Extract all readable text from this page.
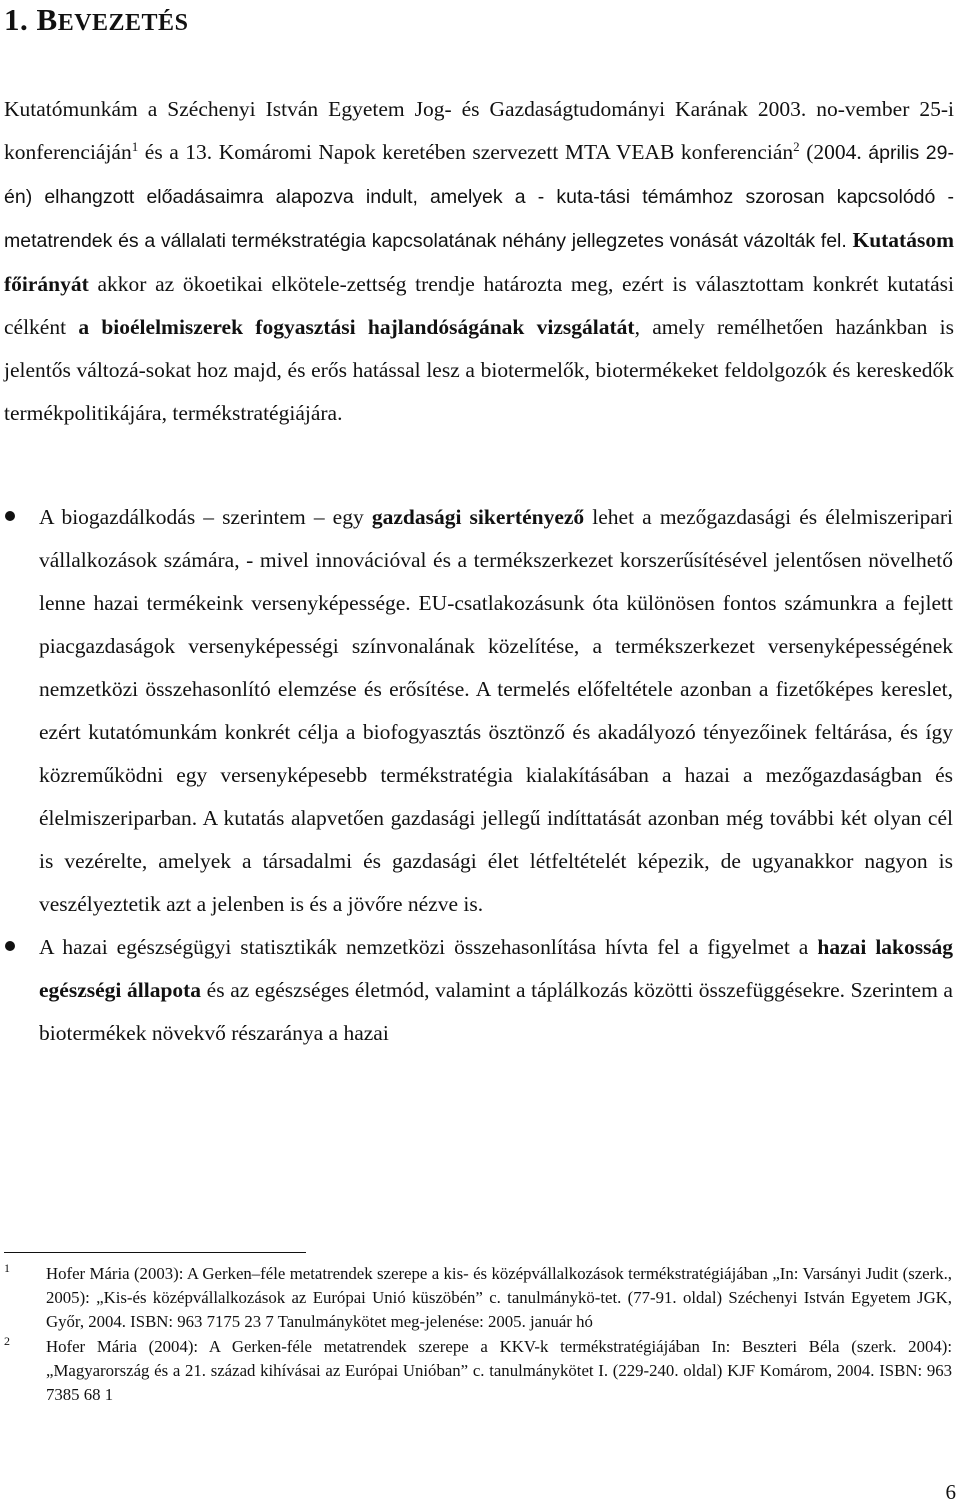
1. BEVEZETÉS

Kutatómunkám a Széchenyi István Egyetem Jog- és Gazdaságtudományi Karának 2003. no-vember 25-i konferenciáján$^1$ és a 13. Komáromi Napok keretében szervezett MTA VEAB konferencián$^2$ (2004. április 29-én) elhangzott előadásaimra alapozva indult, amelyek a - kuta-tási témámhoz szorosan kapcsolódó - metatrendek és a vállalati termékstratégia kapcsolatának néhány jellegzetes vonását vázolták fel. Kutatásom főirányát akkor az ökoetikai elkötele-zettség trendje határozta meg, ezért is választottam konkrét kutatási célként a bioélelmiszerek fogyasztási hajlandóságának vizsgálatát, amely remélhetően hazánkban is jelentős változá-sokat hoz majd, és erős hatással lesz a biotermelők, biotermékeket feldolgozók és kereskedők termékpolitikájára, termékstratégiájára.

A biogazdálkodás – szerintem – egy gazdasági sikertényező lehet a mezőgazdasági és élelmiszeripari vállalkozások számára, - mivel innovációval és a termékszerkezet korszerűsítésével jelentősen növelhető lenne hazai termékeink versenyképessége. EU-csatlakozásunk óta különösen fontos számunkra a fejlett piacgazdaságok versenyképességi színvonalának közelítése, a termékszerkezet versenyképességének nemzetközi összehasonlító elemzése és erősítése. A termelés előfeltétele azonban a fizetőképes kereslet, ezért kutatómunkám konkrét célja a biofogyasztás ösztönző és akadályozó tényezőinek feltárása, és így közreműködni egy versenyképesebb termékstratégia kialakításában a hazai a mezőgazdaságban és élelmiszeriparban. A kutatás alapvetően gazdasági jellegű indíttatását azonban még további két olyan cél is vezérelte, amelyek a társadalmi és gazdasági élet létfeltételét képezik, de ugyanakkor nagyon is veszélyeztetik azt a jelenben is és a jövőre nézve is.
A hazai egészségügyi statisztikák nemzetközi összehasonlítása hívta fel a figyelmet a hazai lakosság egészségi állapota és az egészséges életmód, valamint a táplálkozás közötti összefüggésekre. Szerintem a biotermékek növekvő részaránya a hazai
1 Hofer Mária (2003): A Gerken–féle metatrendek szerepe a kis- és középvállalkozások termékstratégiájában „In: Varsányi Judit (szerk., 2005): „Kis-és középvállalkozások az Európai Unió küszöbén” c. tanulmánykö-tet. (77-91. oldal) Széchenyi István Egyetem JGK, Győr, 2004. ISBN: 963 7175 23 7 Tanulmánykötet meg-jelenése: 2005. január hó
2 Hofer Mária (2004): A Gerken-féle metatrendek szerepe a KKV-k termékstratégiájában In: Beszteri Béla (szerk. 2004): „Magyarország és a 21. század kihívásai az Európai Unióban” c. tanulmánykötet I. (229-240. oldal) KJF Komárom, 2004. ISBN: 963 7385 68 1
6
